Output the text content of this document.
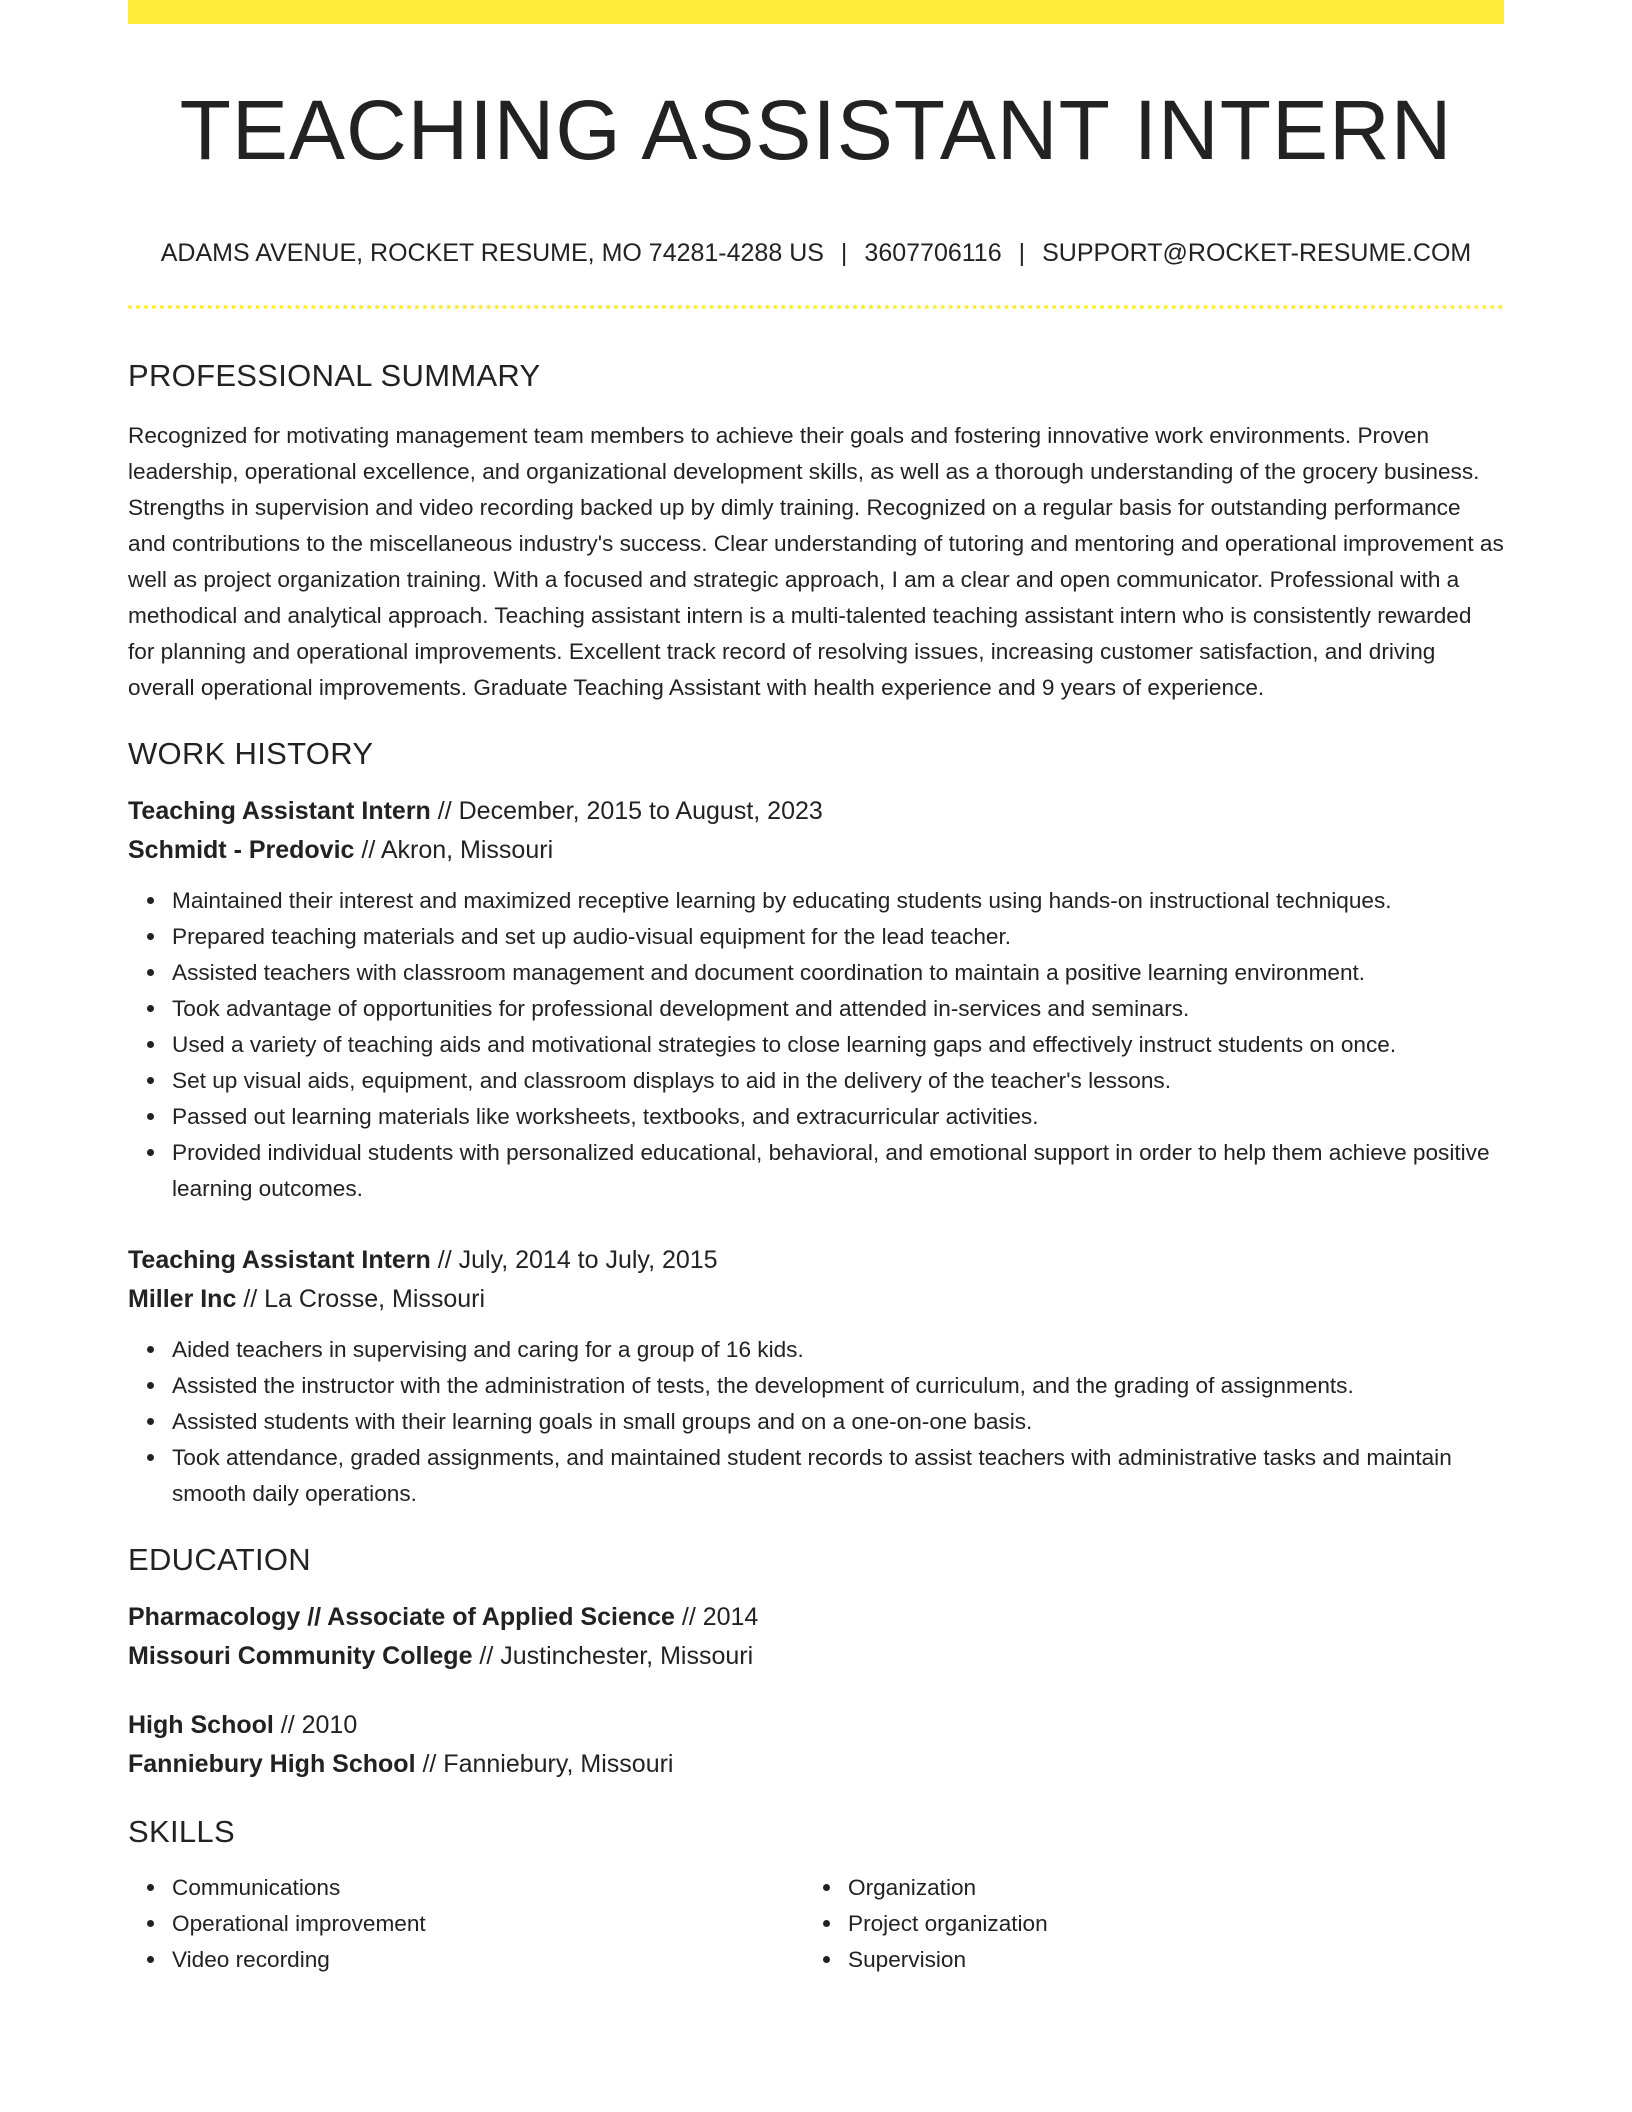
TEACHING ASSISTANT INTERN
ADAMS AVENUE, ROCKET RESUME, MO 74281-4288 US | 3607706116 | SUPPORT@ROCKET-RESUME.COM
PROFESSIONAL SUMMARY

Recognized for motivating management team members to achieve their goals and fostering innovative work environments. Proven leadership, operational excellence, and organizational development skills, as well as a thorough understanding of the grocery business. Strengths in supervision and video recording backed up by dimly training. Recognized on a regular basis for outstanding performance and contributions to the miscellaneous industry's success. Clear understanding of tutoring and mentoring and operational improvement as well as project organization training. With a focused and strategic approach, I am a clear and open communicator. Professional with a methodical and analytical approach. Teaching assistant intern is a multi-talented teaching assistant intern who is consistently rewarded for planning and operational improvements. Excellent track record of resolving issues, increasing customer satisfaction, and driving overall operational improvements. Graduate Teaching Assistant with health experience and 9 years of experience.

WORK HISTORY
Teaching Assistant Intern // December, 2015 to August, 2023
Schmidt - Predovic // Akron, Missouri
Maintained their interest and maximized receptive learning by educating students using hands-on instructional techniques.
Prepared teaching materials and set up audio-visual equipment for the lead teacher.
Assisted teachers with classroom management and document coordination to maintain a positive learning environment.
Took advantage of opportunities for professional development and attended in-services and seminars.
Used a variety of teaching aids and motivational strategies to close learning gaps and effectively instruct students on once.
Set up visual aids, equipment, and classroom displays to aid in the delivery of the teacher's lessons.
Passed out learning materials like worksheets, textbooks, and extracurricular activities.
Provided individual students with personalized educational, behavioral, and emotional support in order to help them achieve positive learning outcomes.
Teaching Assistant Intern // July, 2014 to July, 2015
Miller Inc // La Crosse, Missouri
Aided teachers in supervising and caring for a group of 16 kids.
Assisted the instructor with the administration of tests, the development of curriculum, and the grading of assignments.
Assisted students with their learning goals in small groups and on a one-on-one basis.
Took attendance, graded assignments, and maintained student records to assist teachers with administrative tasks and maintain smooth daily operations.
EDUCATION
Pharmacology // Associate of Applied Science // 2014
Missouri Community College // Justinchester, Missouri
High School // 2010
Fanniebury High School // Fanniebury, Missouri
SKILLS
Communications
Operational improvement
Video recording
Organization
Project organization
Supervision
